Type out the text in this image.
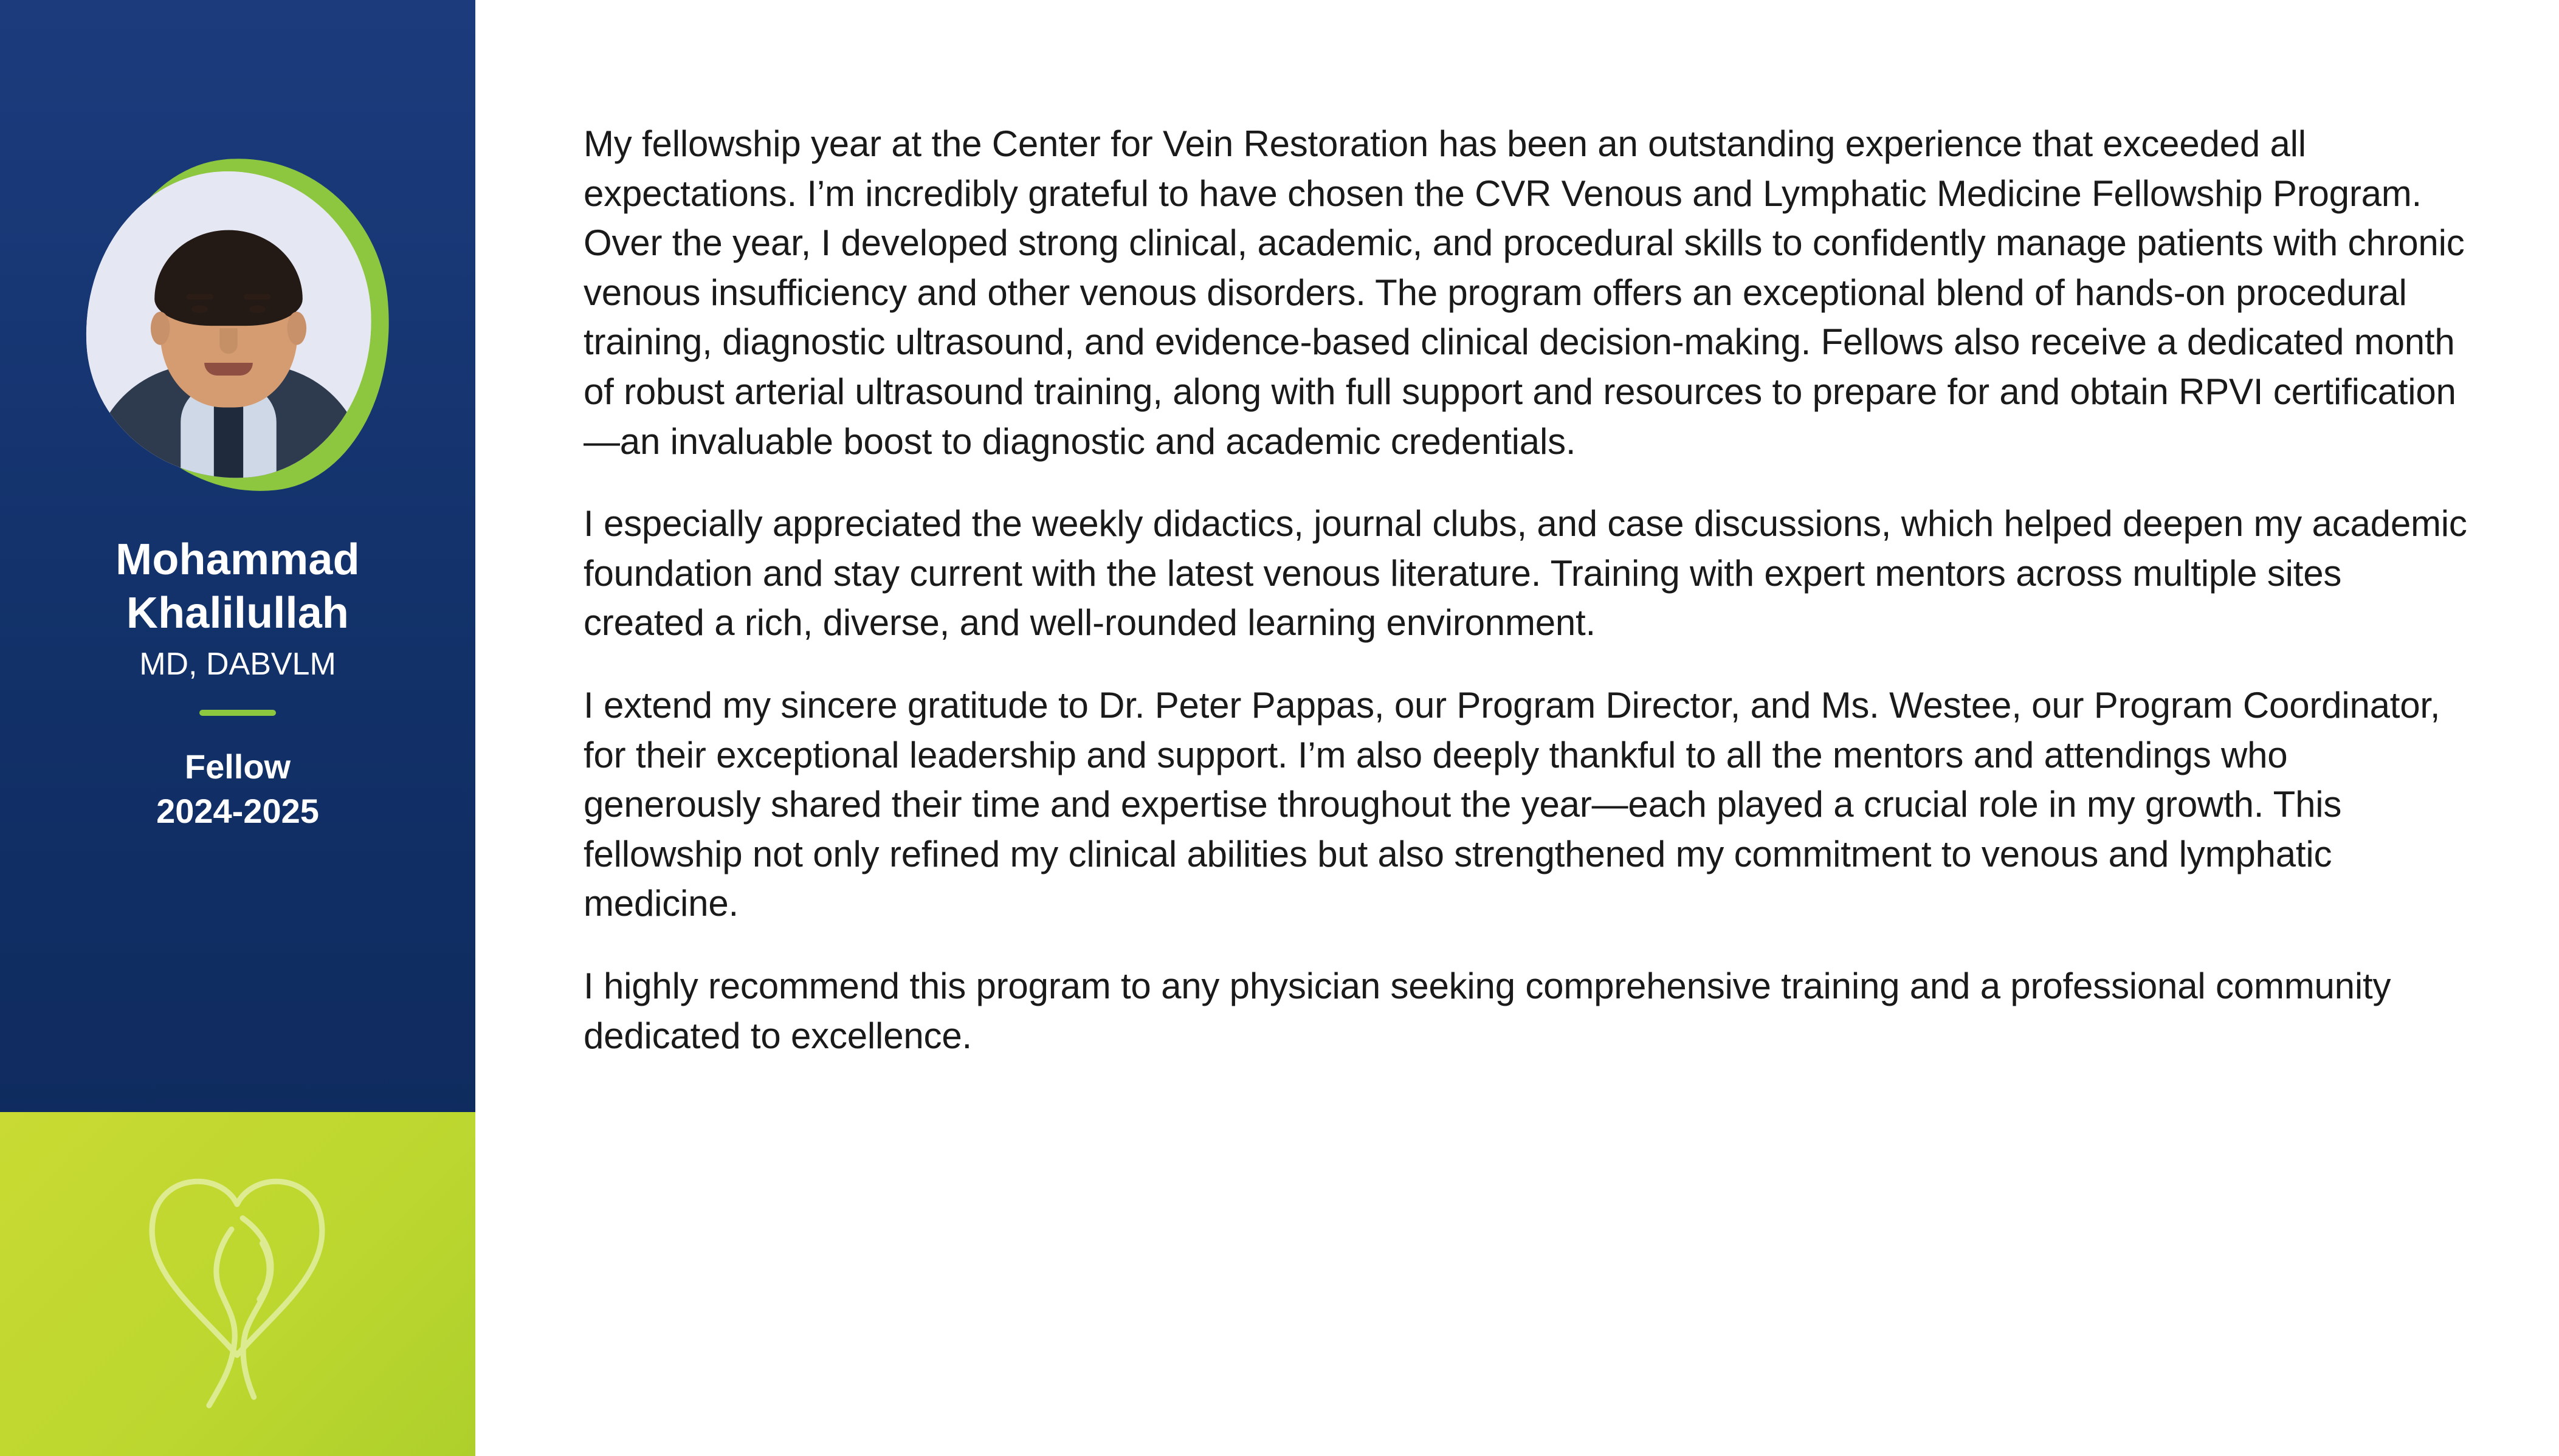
Mohammad
Khalilullah
MD, DABVLM
Fellow
2024-2025

My fellowship year at the Center for Vein Restoration has been an outstanding experience that exceeded all expectations. I’m incredibly grateful to have chosen the CVR Venous and Lymphatic Medicine Fellowship Program. Over the year, I developed strong clinical, academic, and procedural skills to confidently manage patients with chronic venous insufficiency and other venous disorders. The program offers an exceptional blend of hands-on procedural training, diagnostic ultrasound, and evidence-based clinical decision-making. Fellows also receive a dedicated month of robust arterial ultrasound training, along with full support and resources to prepare for and obtain RPVI certification—an invaluable boost to diagnostic and academic credentials.

I especially appreciated the weekly didactics, journal clubs, and case discussions, which helped deepen my academic foundation and stay current with the latest venous literature. Training with expert mentors across multiple sites created a rich, diverse, and well-rounded learning environment.

I extend my sincere gratitude to Dr. Peter Pappas, our Program Director, and Ms. Westee, our Program Coordinator, for their exceptional leadership and support. I’m also deeply thankful to all the mentors and attendings who generously shared their time and expertise throughout the year—each played a crucial role in my growth. This fellowship not only refined my clinical abilities but also strengthened my commitment to venous and lymphatic medicine.

I highly recommend this program to any physician seeking comprehensive training and a professional community dedicated to excellence.
